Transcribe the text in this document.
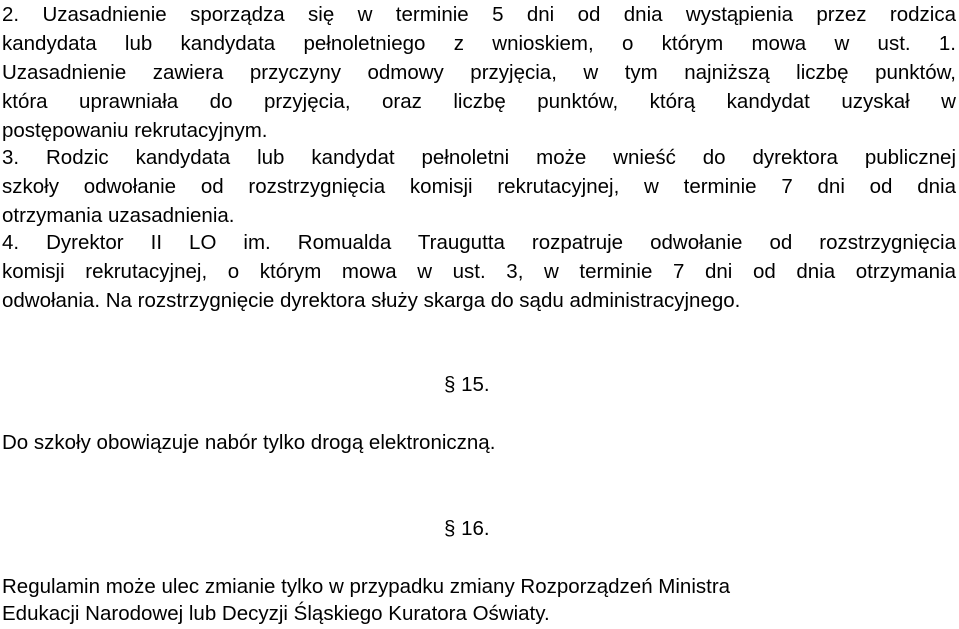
2. Uzasadnienie sporządza się w terminie 5 dni od dnia wystąpienia przez rodzica
kandydata lub kandydata pełnoletniego z wnioskiem, o którym mowa w ust. 1.
Uzasadnienie zawiera przyczyny odmowy przyjęcia, w tym najniższą liczbę punktów,
która uprawniała do przyjęcia, oraz liczbę punktów, którą kandydat uzyskał w
postępowaniu rekrutacyjnym.
3. Rodzic kandydata lub kandydat pełnoletni może wnieść do dyrektora publicznej
szkoły odwołanie od rozstrzygnięcia komisji rekrutacyjnej, w terminie 7 dni od dnia
otrzymania uzasadnienia.
4. Dyrektor II LO im. Romualda Traugutta rozpatruje odwołanie od rozstrzygnięcia
komisji rekrutacyjnej, o którym mowa w ust. 3, w terminie 7 dni od dnia otrzymania
odwołania. Na rozstrzygnięcie dyrektora służy skarga do sądu administracyjnego.
§ 15.
Do szkoły obowiązuje nabór tylko drogą elektroniczną.
§ 16.
Regulamin może ulec zmianie tylko w przypadku zmiany Rozporządzeń Ministra
Edukacji Narodowej lub Decyzji Śląskiego Kuratora Oświaty.
